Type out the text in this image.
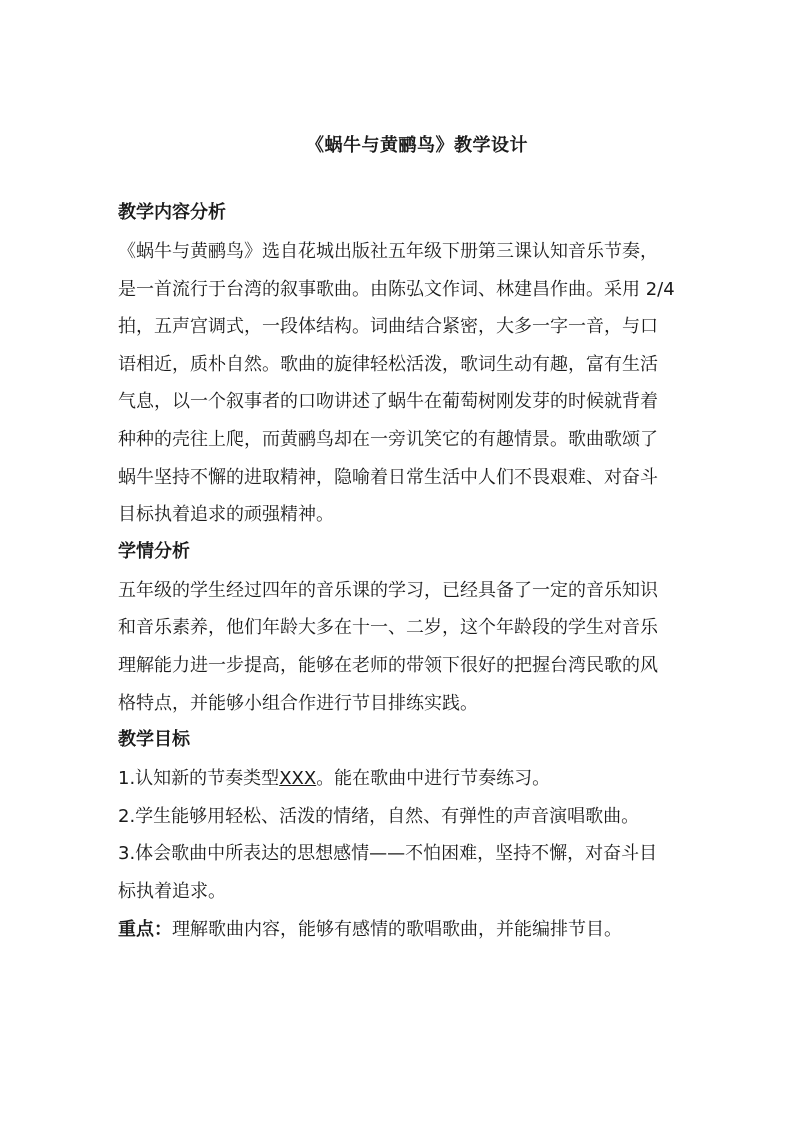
《蜗牛与黄鹂鸟》教学设计
教学内容分析

《蜗牛与黄鹂鸟》选自花城出版社五年级下册第三课认知音乐节奏，

是一首流行于台湾的叙事歌曲。由陈弘文作词、林建昌作曲。采用 2/4

拍，五声宫调式，一段体结构。词曲结合紧密，大多一字一音，与口

语相近，质朴自然。歌曲的旋律轻松活泼，歌词生动有趣，富有生活

气息，以一个叙事者的口吻讲述了蜗牛在葡萄树刚发芽的时候就背着

种种的壳往上爬，而黄鹂鸟却在一旁讥笑它的有趣情景。歌曲歌颂了

蜗牛坚持不懈的进取精神，隐喻着日常生活中人们不畏艰难、对奋斗

目标执着追求的顽强精神。

学情分析

五年级的学生经过四年的音乐课的学习，已经具备了一定的音乐知识

和音乐素养，他们年龄大多在十一、二岁，这个年龄段的学生对音乐

理解能力进一步提高，能够在老师的带领下很好的把握台湾民歌的风

格特点，并能够小组合作进行节目排练实践。

教学目标

1.认知新的节奏类型XXX。能在歌曲中进行节奏练习。

2.学生能够用轻松、活泼的情绪，自然、有弹性的声音演唱歌曲。

3.体会歌曲中所表达的思想感情——不怕困难，坚持不懈，对奋斗目

标执着追求。

重点：理解歌曲内容，能够有感情的歌唱歌曲，并能编排节目。
